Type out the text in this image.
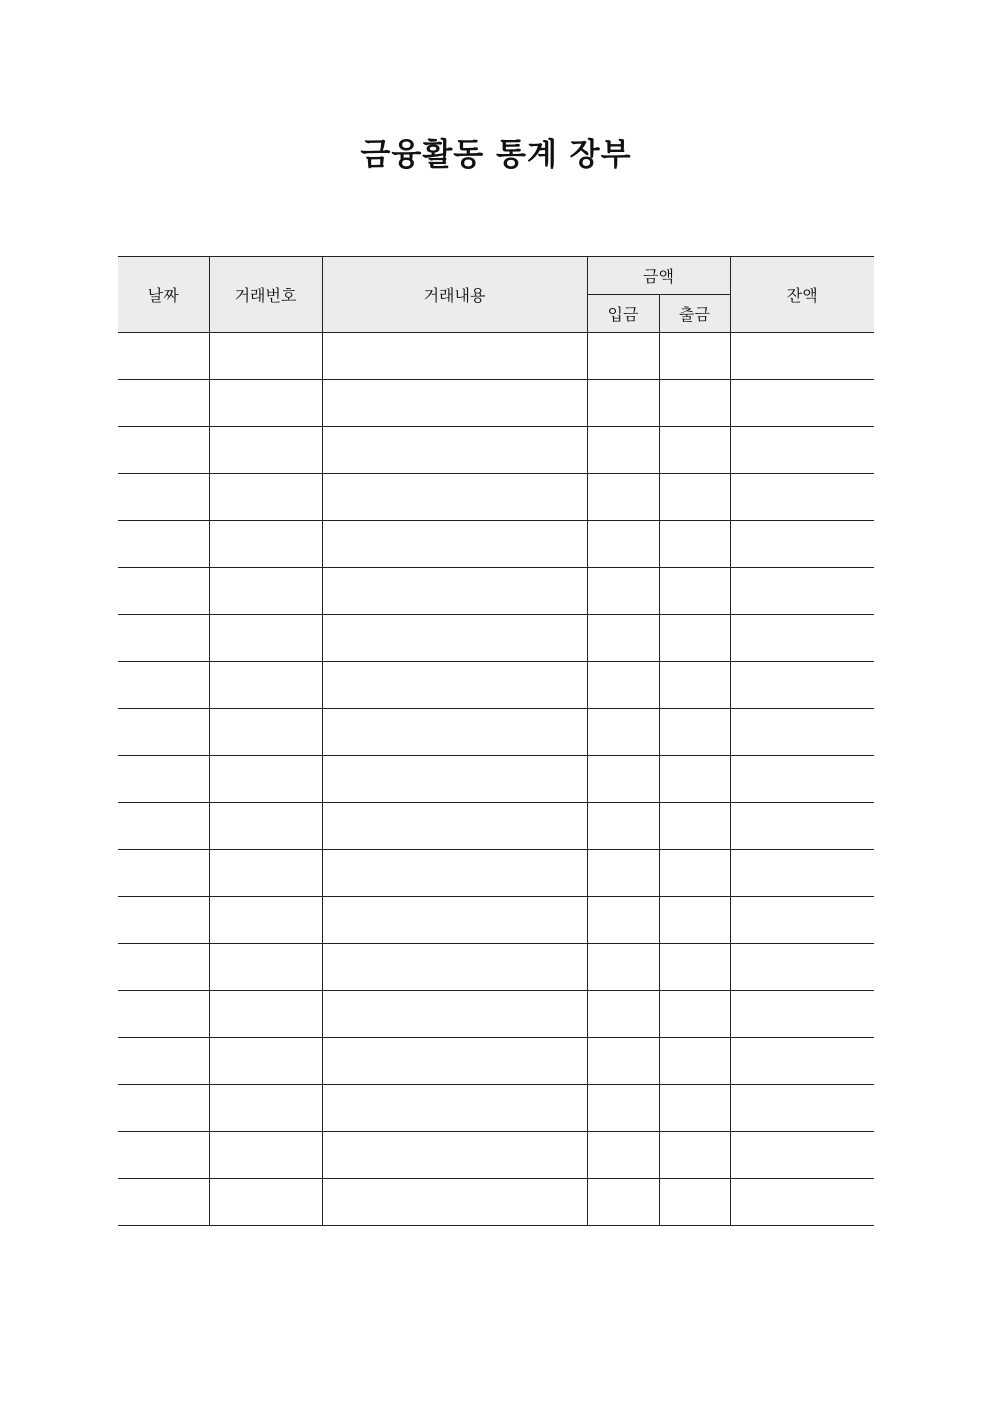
금융활동 통계 장부
날짜	거래번호	거래내용	금액		잔액
			입금	출금	
